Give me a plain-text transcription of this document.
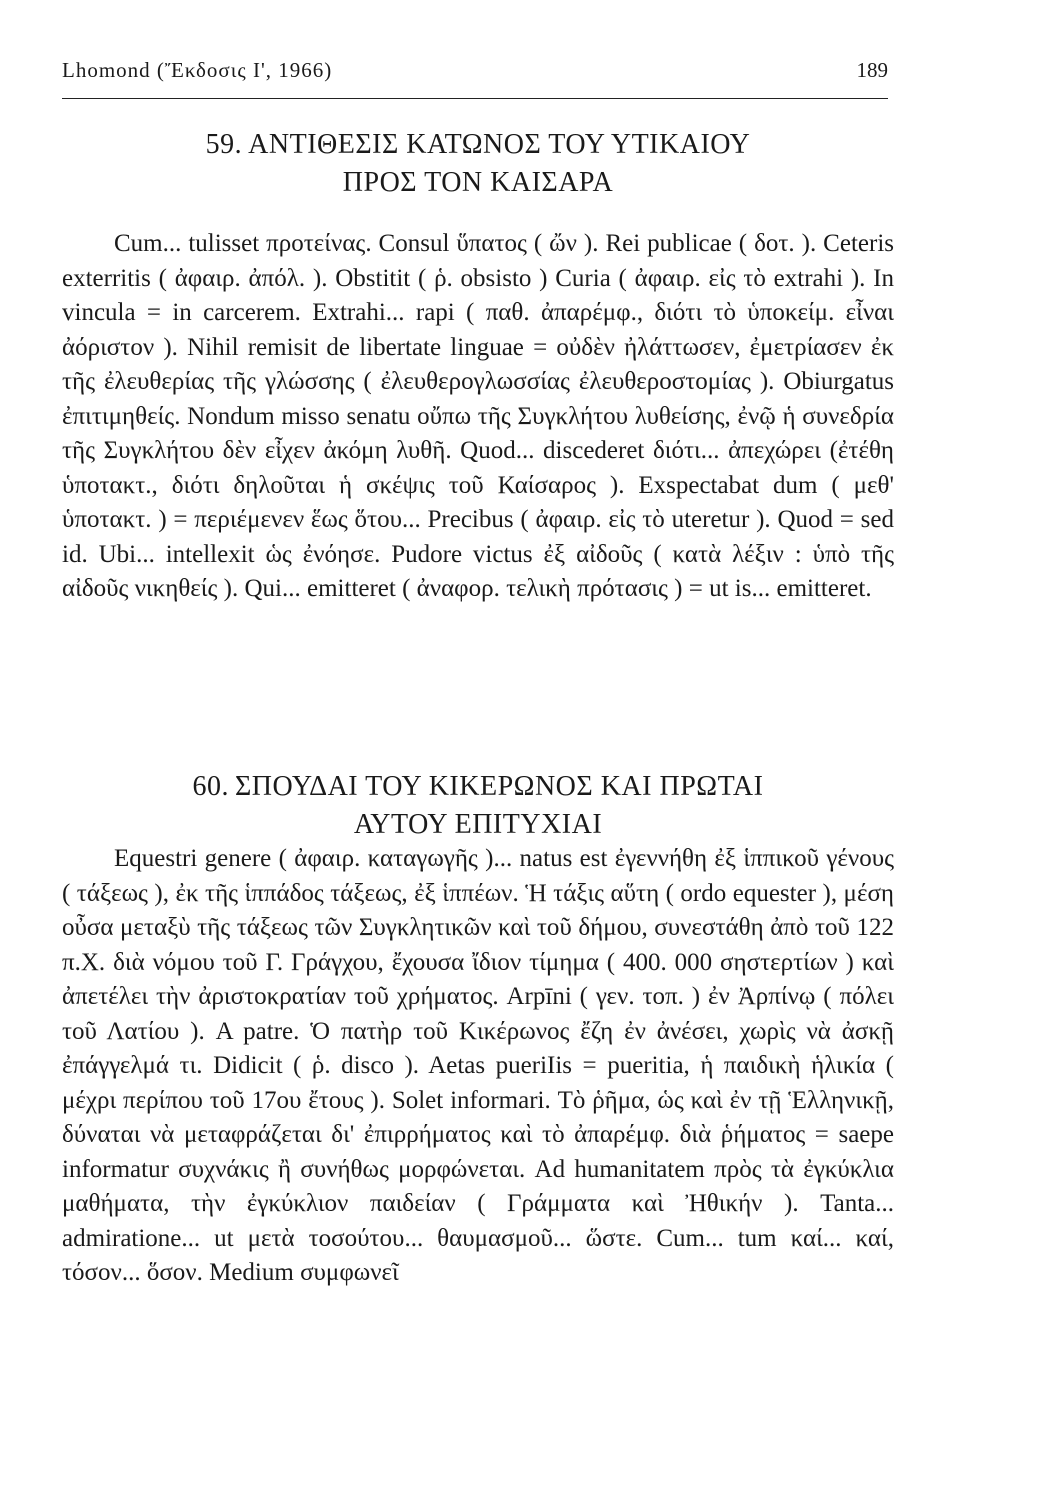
Lhomond (Ἔκδοσις Ι', 1966)	189
59. ΑΝΤΙΘΕΣΙΣ ΚΑΤΩΝΟΣ ΤΟΥ ΥΤΙΚΑΙΟΥ
ΠΡΟΣ ΤΟΝ ΚΑΙΣΑΡΑ

Cum... tulisset προτείνας. Consul ὕπατος ( ὤν ). Rei publicae ( δοτ. ). Ceteris exterritis ( ἀφαιρ. ἀπόλ. ). Obstitit ( ῥ. obsisto ) Curia ( ἀφαιρ. εἰς τὸ extrahi ). In vincula = in carcerem. Extrahi... rapi ( παθ. ἀπαρέμφ., διότι τὸ ὑποκείμ. εἶναι ἀόριστον ). Nihil remisit de libertate linguae = οὐδὲν ἠλάττωσεν, ἐμετρίασεν ἐκ τῆς ἐλευθερίας τῆς γλώσσης ( ἐλευθερογλωσσίας ἐλευθεροστομίας ). Obiurgatus ἐπιτιμηθείς. Nondum misso senatu οὔπω τῆς Συγκλήτου λυθείσης, ἐνῷ ἡ συνεδρία τῆς Συγκλήτου δὲν εἶχεν ἀκόμη λυθῆ. Quod... discederet διότι... ἀπεχώρει (ἐτέθη ὑποτακτ., διότι δηλοῦται ἡ σκέψις τοῦ Καίσαρος ). Exspectabat dum ( μεθ' ὑποτακτ. ) = περιέμενεν ἕως ὅτου... Precibus ( ἀφαιρ. εἰς τὸ uteretur ). Quod = sed id. Ubi... intellexit ὡς ἐνόησε. Pudore victus ἐξ αἰδοῦς ( κατὰ λέξιν : ὑπὸ τῆς αἰδοῦς νικηθείς ). Qui... emitteret ( ἀναφορ. τελικὴ πρότασις ) = ut is... emitteret.

60. ΣΠΟΥΔΑΙ ΤΟΥ ΚΙΚΕΡΩΝΟΣ ΚΑΙ ΠΡΩΤΑΙ
ΑΥΤΟΥ ΕΠΙΤΥΧΙΑΙ

Equestri genere ( ἀφαιρ. καταγωγῆς )... natus est ἐγεννήθη ἐξ ἱππικοῦ γένους ( τάξεως ), ἐκ τῆς ἱππάδος τάξεως, ἐξ ἱππέων. Ἡ τάξις αὕτη ( ordo equester ), μέση οὖσα μεταξὺ τῆς τάξεως τῶν Συγκλητικῶν καὶ τοῦ δήμου, συνεστάθη ἀπὸ τοῦ 122 π.Χ. διὰ νόμου τοῦ Γ. Γράγχου, ἔχουσα ἴδιον τίμημα ( 400. 000 σηστερτίων ) καὶ ἀπετέλει τὴν ἀριστοκρατίαν τοῦ χρήματος. Arpīni ( γεν. τοπ. ) ἐν Ἀρπίνῳ ( πόλει τοῦ Λατίου ). A patre. Ὁ πατὴρ τοῦ Κικέρωνος ἔζη ἐν ἀνέσει, χωρὶς νὰ ἀσκῇ ἐπάγγελμά τι. Didicit ( ῥ. disco ). Aetas pueriIis = pueritia, ἡ παιδικὴ ἡλικία ( μέχρι περίπου τοῦ 17ου ἔτους ). Solet informari. Τὸ ῥῆμα, ὡς καὶ ἐν τῇ Ἑλληνικῇ, δύναται νὰ μεταφράζεται δι' ἐπιρρήματος καὶ τὸ ἀπαρέμφ. διὰ ῥήματος = saepe informatur συχνάκις ἢ συνήθως μορφώνεται. Ad humanitatem πρὸς τὰ ἐγκύκλια μαθήματα, τὴν ἐγκύκλιον παιδείαν ( Γράμματα καὶ Ἠθικήν ). Tanta... admiratione... ut μετὰ τοσούτου... θαυμασμοῦ... ὥστε. Cum... tum καί... καί, τόσον... ὅσον. Medium συμφωνεῖ
